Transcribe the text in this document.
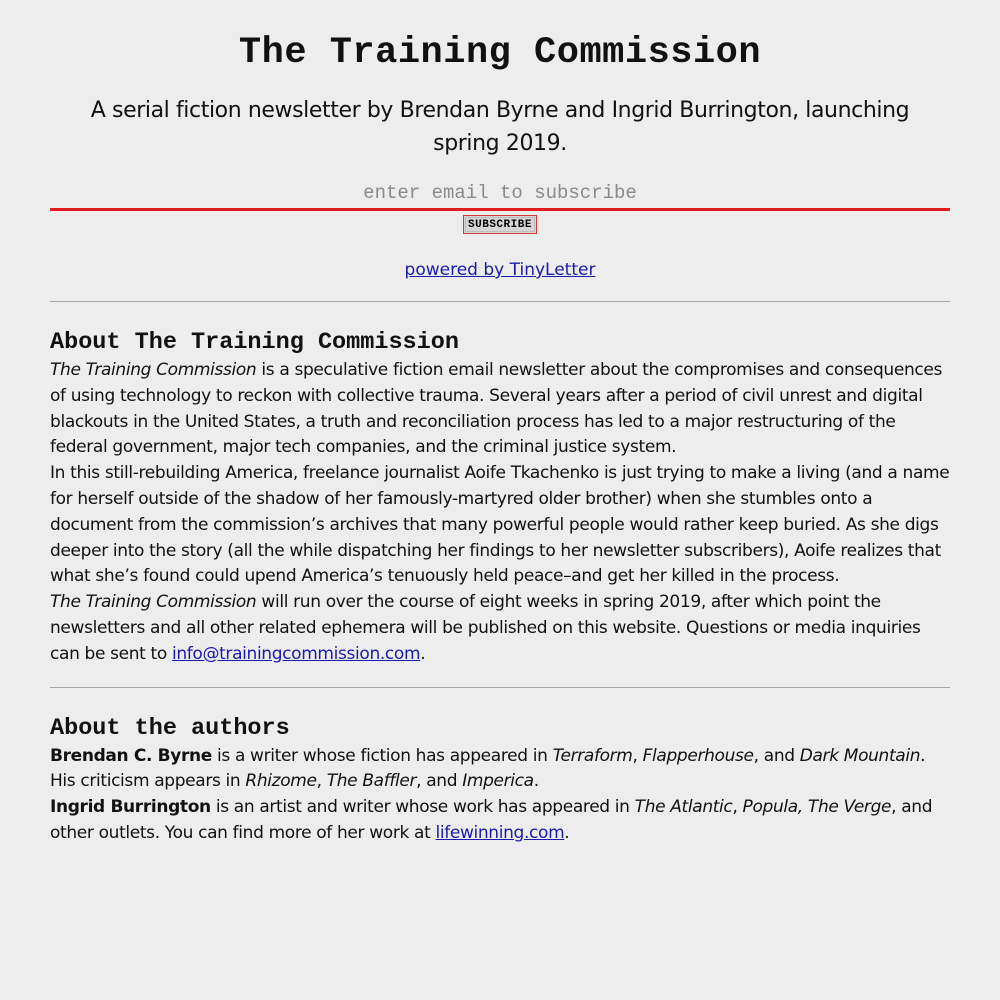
The Training Commission

A serial fiction newsletter by Brendan Byrne and Ingrid Burrington, launching spring 2019.

enter email to subscribe SUBSCRIBE
powered by TinyLetter
About The Training Commission

The Training Commission is a speculative fiction email newsletter about the compromises and consequences of using technology to reckon with collective trauma. Several years after a period of civil unrest and digital blackouts in the United States, a truth and reconciliation process has led to a major restructuring of the federal government, major tech companies, and the criminal justice system.

In this still-rebuilding America, freelance journalist Aoife Tkachenko is just trying to make a living (and a name for herself outside of the shadow of her famously-martyred older brother) when she stumbles onto a document from the commission’s archives that many powerful people would rather keep buried. As she digs deeper into the story (all the while dispatching her findings to her newsletter subscribers), Aoife realizes that what she’s found could upend America’s tenuously held peace–and get her killed in the process.

The Training Commission will run over the course of eight weeks in spring 2019, after which point the newsletters and all other related ephemera will be published on this website. Questions or media inquiries can be sent to info@trainingcommission.com.

About the authors

Brendan C. Byrne is a writer whose fiction has appeared in Terraform, Flapperhouse, and Dark Mountain. His criticism appears in Rhizome, The Baffler, and Imperica.

Ingrid Burrington is an artist and writer whose work has appeared in The Atlantic, Popula, The Verge, and other outlets. You can find more of her work at lifewinning.com.
